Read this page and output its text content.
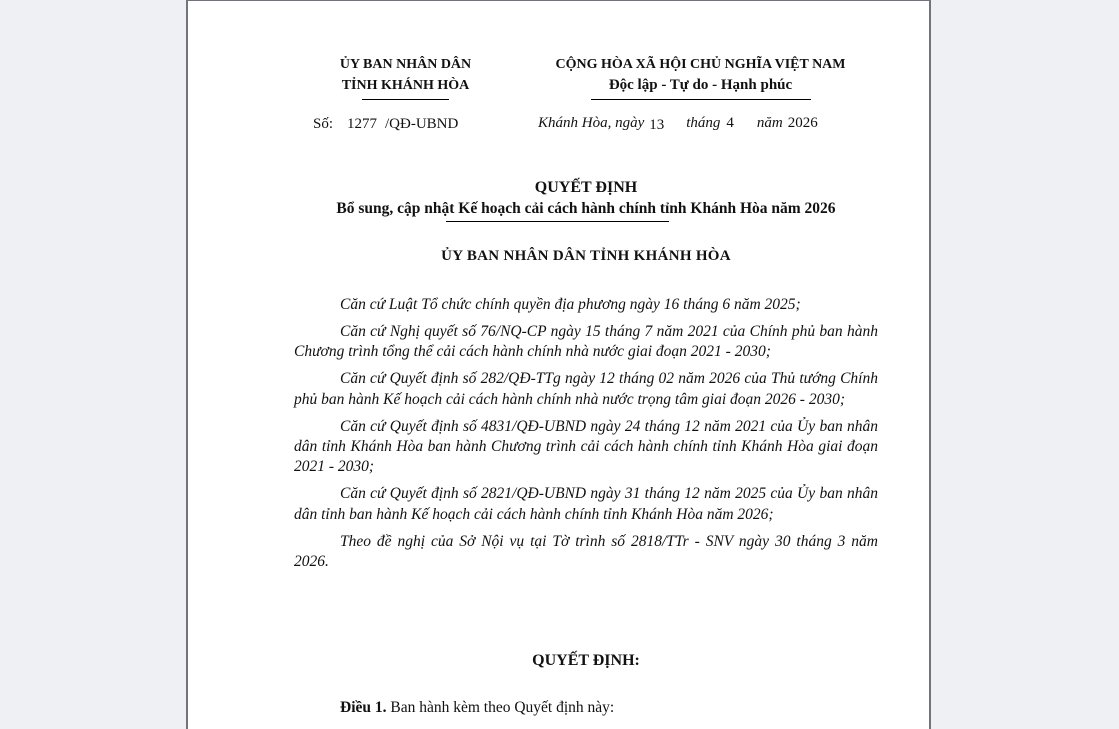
ỦY BAN NHÂN DÂN
TỈNH KHÁNH HÒA
CỘNG HÒA XÃ HỘI CHỦ NGHĨA VIỆT NAM
Độc lập - Tự do - Hạnh phúc
Số: 1277 /QĐ-UBND	Khánh Hòa, ngày 13 tháng 4 năm 2026
QUYẾT ĐỊNH
Bổ sung, cập nhật Kế hoạch cải cách hành chính tỉnh Khánh Hòa năm 2026
ỦY BAN NHÂN DÂN TỈNH KHÁNH HÒA

Căn cứ Luật Tổ chức chính quyền địa phương ngày 16 tháng 6 năm 2025;

Căn cứ Nghị quyết số 76/NQ-CP ngày 15 tháng 7 năm 2021 của Chính phủ ban hành Chương trình tổng thể cải cách hành chính nhà nước giai đoạn 2021 - 2030;

Căn cứ Quyết định số 282/QĐ-TTg ngày 12 tháng 02 năm 2026 của Thủ tướng Chính phủ ban hành Kế hoạch cải cách hành chính nhà nước trọng tâm giai đoạn 2026 - 2030;

Căn cứ Quyết định số 4831/QĐ-UBND ngày 24 tháng 12 năm 2021 của Ủy ban nhân dân tỉnh Khánh Hòa ban hành Chương trình cải cách hành chính tỉnh Khánh Hòa giai đoạn 2021 - 2030;

Căn cứ Quyết định số 2821/QĐ-UBND ngày 31 tháng 12 năm 2025 của Ủy ban nhân dân tỉnh ban hành Kế hoạch cải cách hành chính tỉnh Khánh Hòa năm 2026;

Theo đề nghị của Sở Nội vụ tại Tờ trình số 2818/TTr - SNV ngày 30 tháng 3 năm 2026.

QUYẾT ĐỊNH:

Điều 1. Ban hành kèm theo Quyết định này:
